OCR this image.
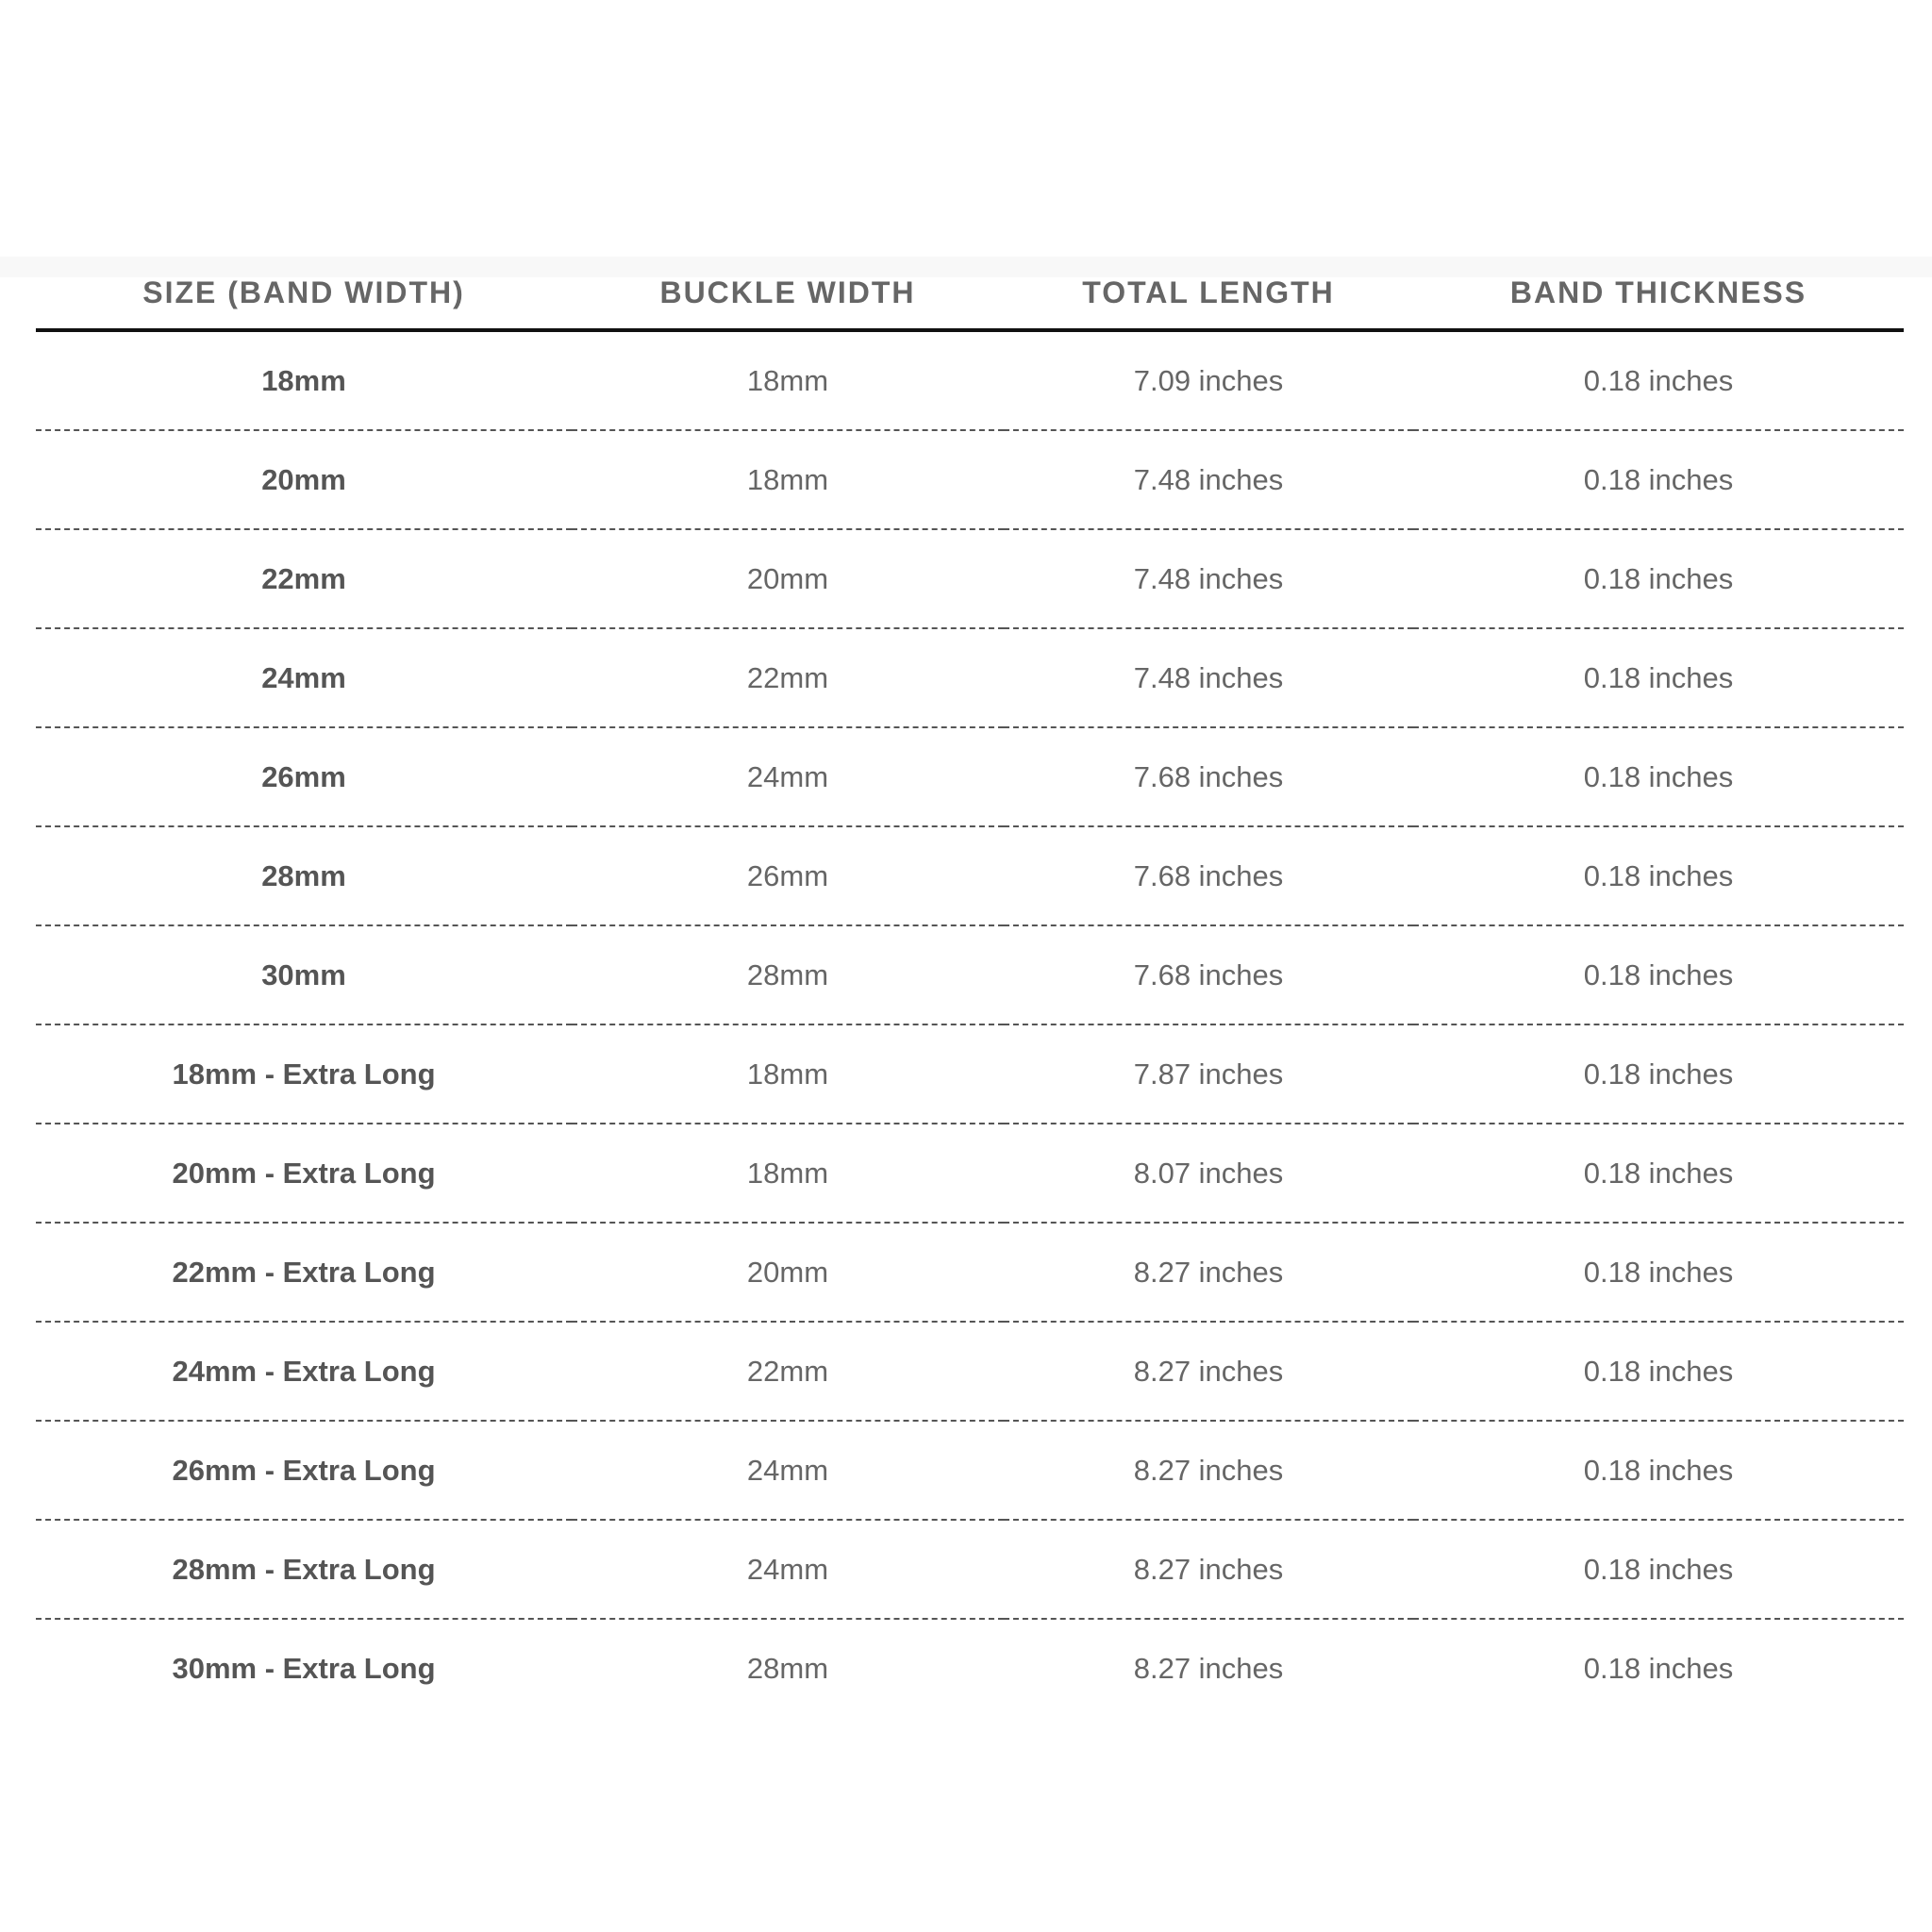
SIZE (BAND WIDTH)	BUCKLE WIDTH	TOTAL LENGTH	BAND THICKNESS
18mm	18mm	7.09 inches	0.18 inches
20mm	18mm	7.48 inches	0.18 inches
22mm	20mm	7.48 inches	0.18 inches
24mm	22mm	7.48 inches	0.18 inches
26mm	24mm	7.68 inches	0.18 inches
28mm	26mm	7.68 inches	0.18 inches
30mm	28mm	7.68 inches	0.18 inches
18mm - Extra Long	18mm	7.87 inches	0.18 inches
20mm - Extra Long	18mm	8.07 inches	0.18 inches
22mm - Extra Long	20mm	8.27 inches	0.18 inches
24mm - Extra Long	22mm	8.27 inches	0.18 inches
26mm - Extra Long	24mm	8.27 inches	0.18 inches
28mm - Extra Long	24mm	8.27 inches	0.18 inches
30mm - Extra Long	28mm	8.27 inches	0.18 inches
